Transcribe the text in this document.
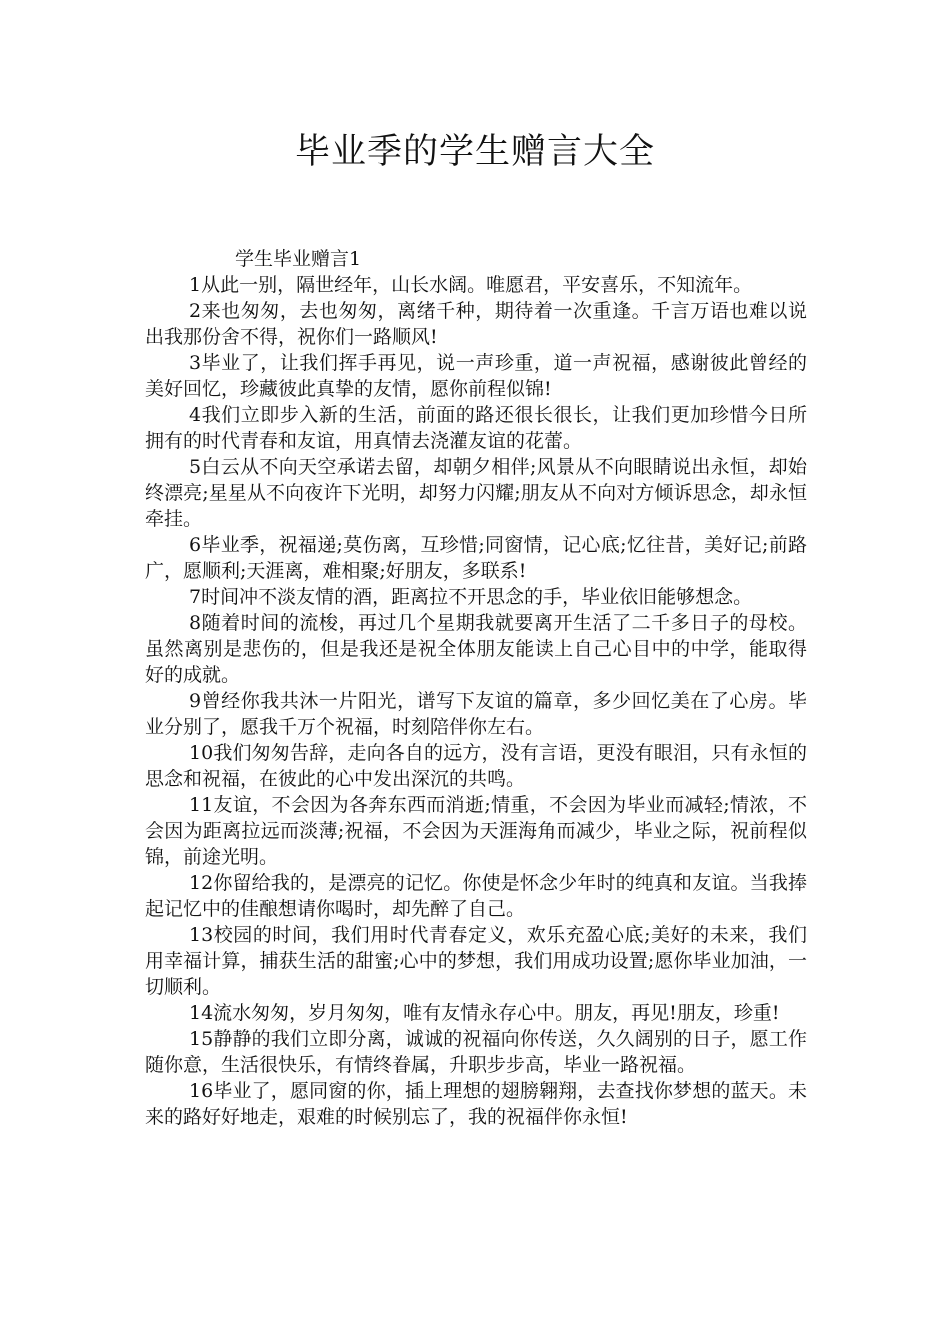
毕业季的学生赠言大全

学生毕业赠言1

1从此一别，隔世经年，山长水阔。唯愿君，平安喜乐，不知流年。

2来也匆匆，去也匆匆，离绪千种，期待着一次重逢。千言万语也难以说出我那份舍不得，祝你们一路顺风!

3毕业了，让我们挥手再见，说一声珍重，道一声祝福，感谢彼此曾经的美好回忆，珍藏彼此真挚的友情，愿你前程似锦!

4我们立即步入新的生活，前面的路还很长很长，让我们更加珍惜今日所拥有的时代青春和友谊，用真情去浇灌友谊的花蕾。

5白云从不向天空承诺去留，却朝夕相伴;风景从不向眼睛说出永恒，却始终漂亮;星星从不向夜许下光明，却努力闪耀;朋友从不向对方倾诉思念，却永恒牵挂。

6毕业季，祝福递;莫伤离，互珍惜;同窗情，记心底;忆往昔，美好记;前路广，愿顺利;天涯离，难相聚;好朋友，多联系!

7时间冲不淡友情的酒，距离拉不开思念的手，毕业依旧能够想念。

8随着时间的流梭，再过几个星期我就要离开生活了二千多日子的母校。虽然离别是悲伤的，但是我还是祝全体朋友能读上自己心目中的中学，能取得好的成就。

9曾经你我共沐一片阳光，谱写下友谊的篇章，多少回忆美在了心房。毕业分别了，愿我千万个祝福，时刻陪伴你左右。

10我们匆匆告辞，走向各自的远方，没有言语，更没有眼泪，只有永恒的思念和祝福，在彼此的心中发出深沉的共鸣。

11友谊，不会因为各奔东西而消逝;情重，不会因为毕业而减轻;情浓，不会因为距离拉远而淡薄;祝福，不会因为天涯海角而减少，毕业之际，祝前程似锦，前途光明。

12你留给我的，是漂亮的记忆。你使是怀念少年时的纯真和友谊。当我捧起记忆中的佳酿想请你喝时，却先醉了自己。

13校园的时间，我们用时代青春定义，欢乐充盈心底;美好的未来，我们用幸福计算，捕获生活的甜蜜;心中的梦想，我们用成功设置;愿你毕业加油，一切顺利。

14流水匆匆，岁月匆匆，唯有友情永存心中。朋友，再见!朋友，珍重!

15静静的我们立即分离，诚诚的祝福向你传送，久久阔别的日子，愿工作随你意，生活很快乐，有情终眷属，升职步步高，毕业一路祝福。

16毕业了，愿同窗的你，插上理想的翅膀翱翔，去查找你梦想的蓝天。未来的路好好地走，艰难的时候别忘了，我的祝福伴你永恒!
